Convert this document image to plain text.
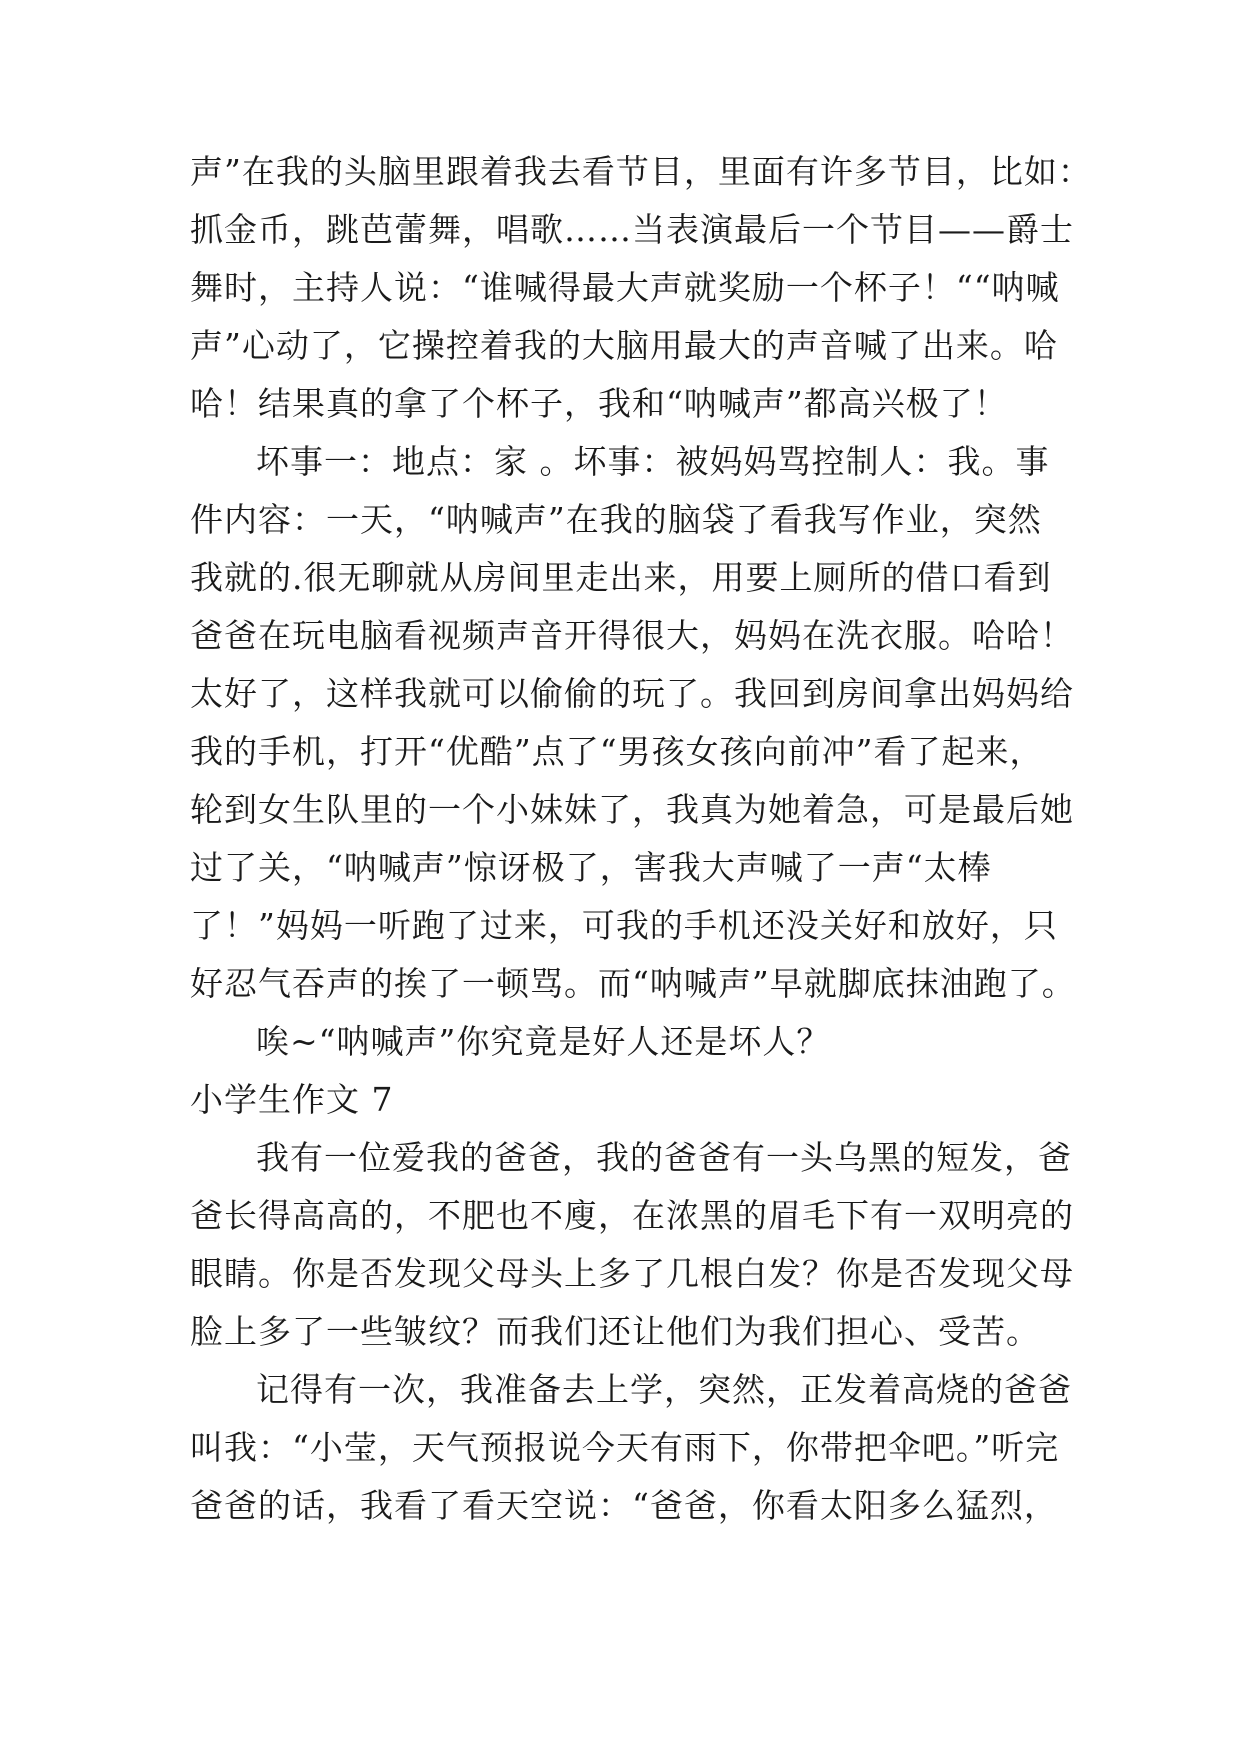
声”在我的头脑里跟着我去看节目，里面有许多节目，比如：
抓金币，跳芭蕾舞，唱歌……当表演最后一个节目——爵士
舞时，主持人说：“谁喊得最大声就奖励一个杯子！““呐喊
声”心动了，它操控着我的大脑用最大的声音喊了出来。哈
哈！结果真的拿了个杯子，我和“呐喊声”都高兴极了！
坏事一：地点：家 。坏事：被妈妈骂控制人：我。事
件内容：一天，“呐喊声”在我的脑袋了看我写作业，突然
我就的.很无聊就从房间里走出来，用要上厕所的借口看到
爸爸在玩电脑看视频声音开得很大，妈妈在洗衣服。哈哈！
太好了，这样我就可以偷偷的玩了。我回到房间拿出妈妈给
我的手机，打开“优酷”点了“男孩女孩向前冲”看了起来，
轮到女生队里的一个小妹妹了，我真为她着急，可是最后她
过了关，“呐喊声”惊讶极了，害我大声喊了一声“太棒
了！”妈妈一听跑了过来，可我的手机还没关好和放好，只
好忍气吞声的挨了一顿骂。而“呐喊声”早就脚底抹油跑了。
唉~“呐喊声”你究竟是好人还是坏人？
小学生作文 7
我有一位爱我的爸爸，我的爸爸有一头乌黑的短发，爸
爸长得高高的，不肥也不廋，在浓黑的眉毛下有一双明亮的
眼睛。你是否发现父母头上多了几根白发？你是否发现父母
脸上多了一些皱纹？而我们还让他们为我们担心、受苦。
记得有一次，我准备去上学，突然，正发着高烧的爸爸
叫我：“小莹，天气预报说今天有雨下，你带把伞吧。”听完
爸爸的话，我看了看天空说：“爸爸，你看太阳多么猛烈，
